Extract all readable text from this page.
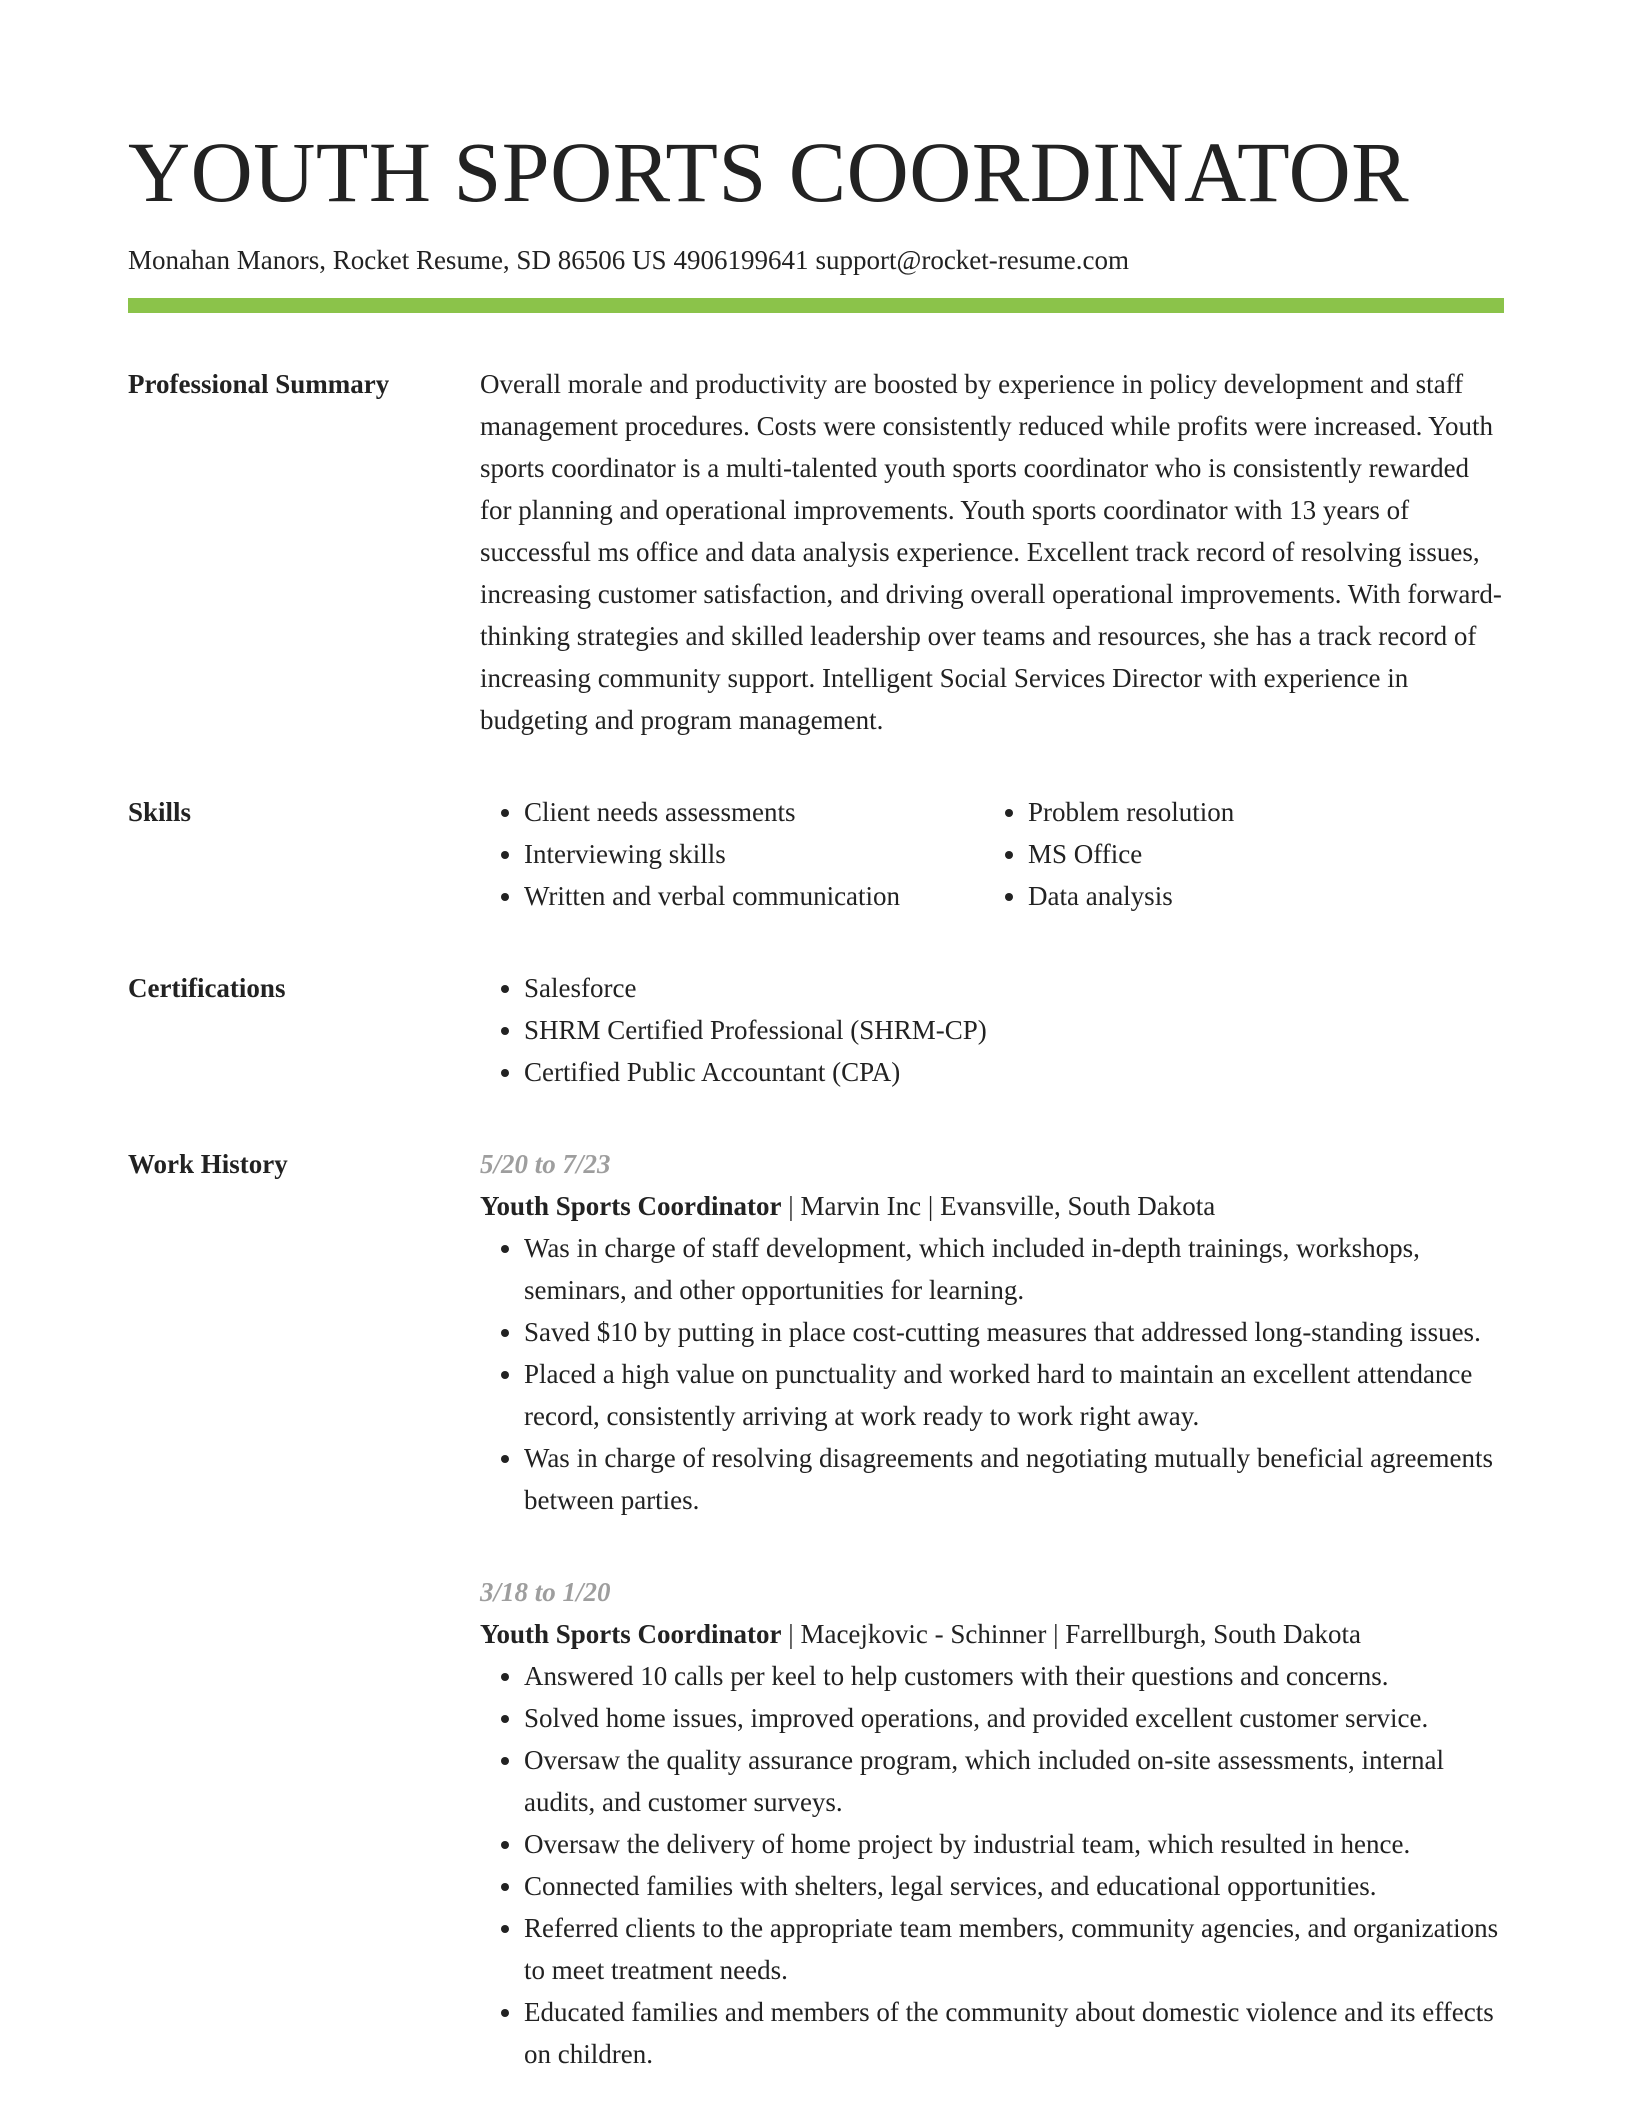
YOUTH SPORTS COORDINATOR
Monahan Manors, Rocket Resume, SD 86506 US 4906199641 support@rocket-resume.com
Professional Summary	Overall morale and productivity are boosted by experience in policy development and staff management procedures. Costs were consistently reduced while profits were increased. Youth sports coordinator is a multi-talented youth sports coordinator who is consistently rewarded for planning and operational improvements. Youth sports coordinator with 13 years of successful ms office and data analysis experience. Excellent track record of resolving issues, increasing customer satisfaction, and driving overall operational improvements. With forward-thinking strategies and skilled leadership over teams and resources, she has a track record of increasing community support. Intelligent Social Services Director with experience in budgeting and program management.

Skills	• Client needs assessments
• Interviewing skills
• Written and verbal communication
• Problem resolution
• MS Office
• Data analysis
Certifications	• Salesforce
• SHRM Certified Professional (SHRM-CP)
• Certified Public Accountant (CPA)
Work History	5/20 to 7/23
Youth Sports Coordinator | Marvin Inc | Evansville, South Dakota
• Was in charge of staff development, which included in-depth trainings, workshops, seminars, and other opportunities for learning.
• Saved $10 by putting in place cost-cutting measures that addressed long-standing issues.
• Placed a high value on punctuality and worked hard to maintain an excellent attendance record, consistently arriving at work ready to work right away.
• Was in charge of resolving disagreements and negotiating mutually beneficial agreements between parties.
3/18 to 1/20
Youth Sports Coordinator | Macejkovic - Schinner | Farrellburgh, South Dakota
• Answered 10 calls per keel to help customers with their questions and concerns.
• Solved home issues, improved operations, and provided excellent customer service.
• Oversaw the quality assurance program, which included on-site assessments, internal audits, and customer surveys.
• Oversaw the delivery of home project by industrial team, which resulted in hence.
• Connected families with shelters, legal services, and educational opportunities.
• Referred clients to the appropriate team members, community agencies, and organizations to meet treatment needs.
• Educated families and members of the community about domestic violence and its effects on children.
